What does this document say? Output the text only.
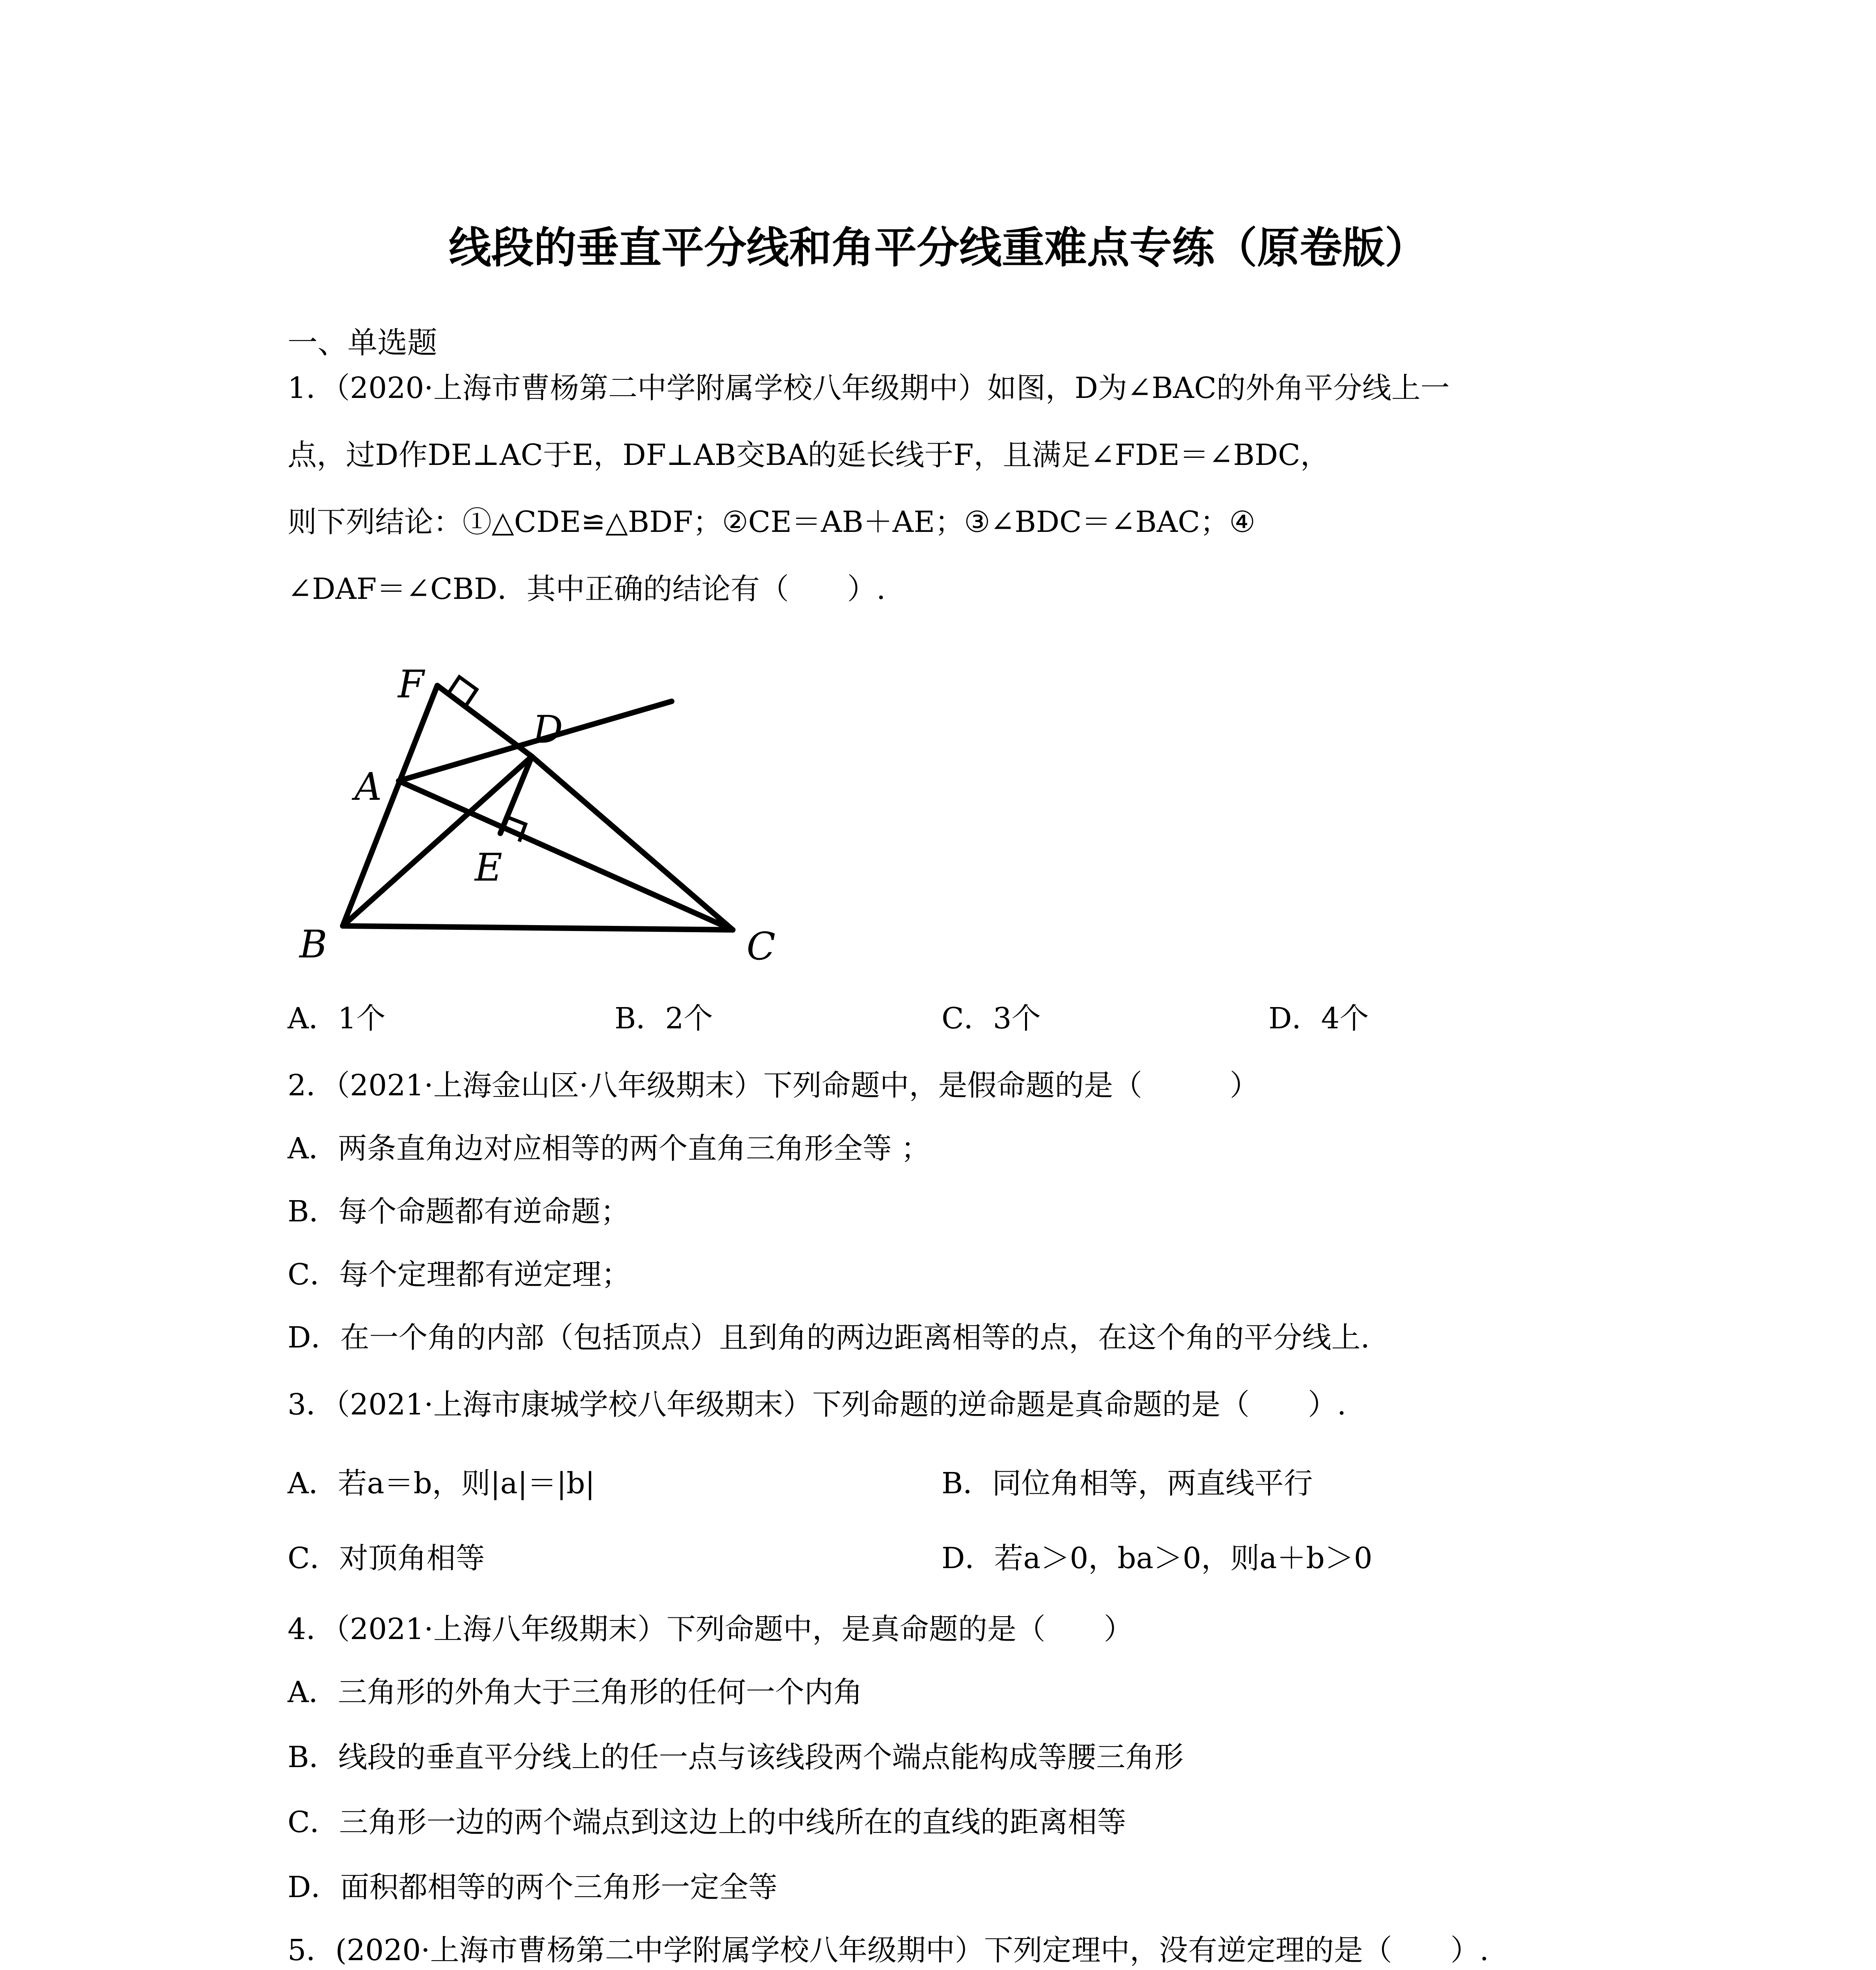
线段的垂直平分线和角平分线重难点专练（原卷版）
一、单选题
1．（2020·上海市曹杨第二中学附属学校八年级期中）如图，D为∠BAC的外角平分线上一
点，过D作DE⊥AC于E，DF⊥AB交BA的延长线于F，且满足∠FDE＝∠BDC，
则下列结论：①△CDE≌△BDF；②CE＝AB＋AE；③∠BDC＝∠BAC；④
∠DAF＝∠CBD．其中正确的结论有（　　）.
F
D
A
E
B	C
A．1个	B．2个	C．3个	D．4个
2．（2021·上海金山区·八年级期末）下列命题中，是假命题的是（　　　）
A．两条直角边对应相等的两个直角三角形全等 ；
B．每个命题都有逆命题；
C．每个定理都有逆定理；
D．在一个角的内部（包括顶点）且到角的两边距离相等的点，在这个角的平分线上.
3．（2021·上海市康城学校八年级期末）下列命题的逆命题是真命题的是（　　）.
A．若a＝b，则|a|＝|b|	B．同位角相等，两直线平行
C．对顶角相等	D．若a＞0，ba＞0，则a＋b＞0
4．（2021·上海八年级期末）下列命题中，是真命题的是（　　）
A．三角形的外角大于三角形的任何一个内角
B．线段的垂直平分线上的任一点与该线段两个端点能构成等腰三角形
C．三角形一边的两个端点到这边上的中线所在的直线的距离相等
D．面积都相等的两个三角形一定全等
5．(2020·上海市曹杨第二中学附属学校八年级期中）下列定理中，没有逆定理的是（　　）.
